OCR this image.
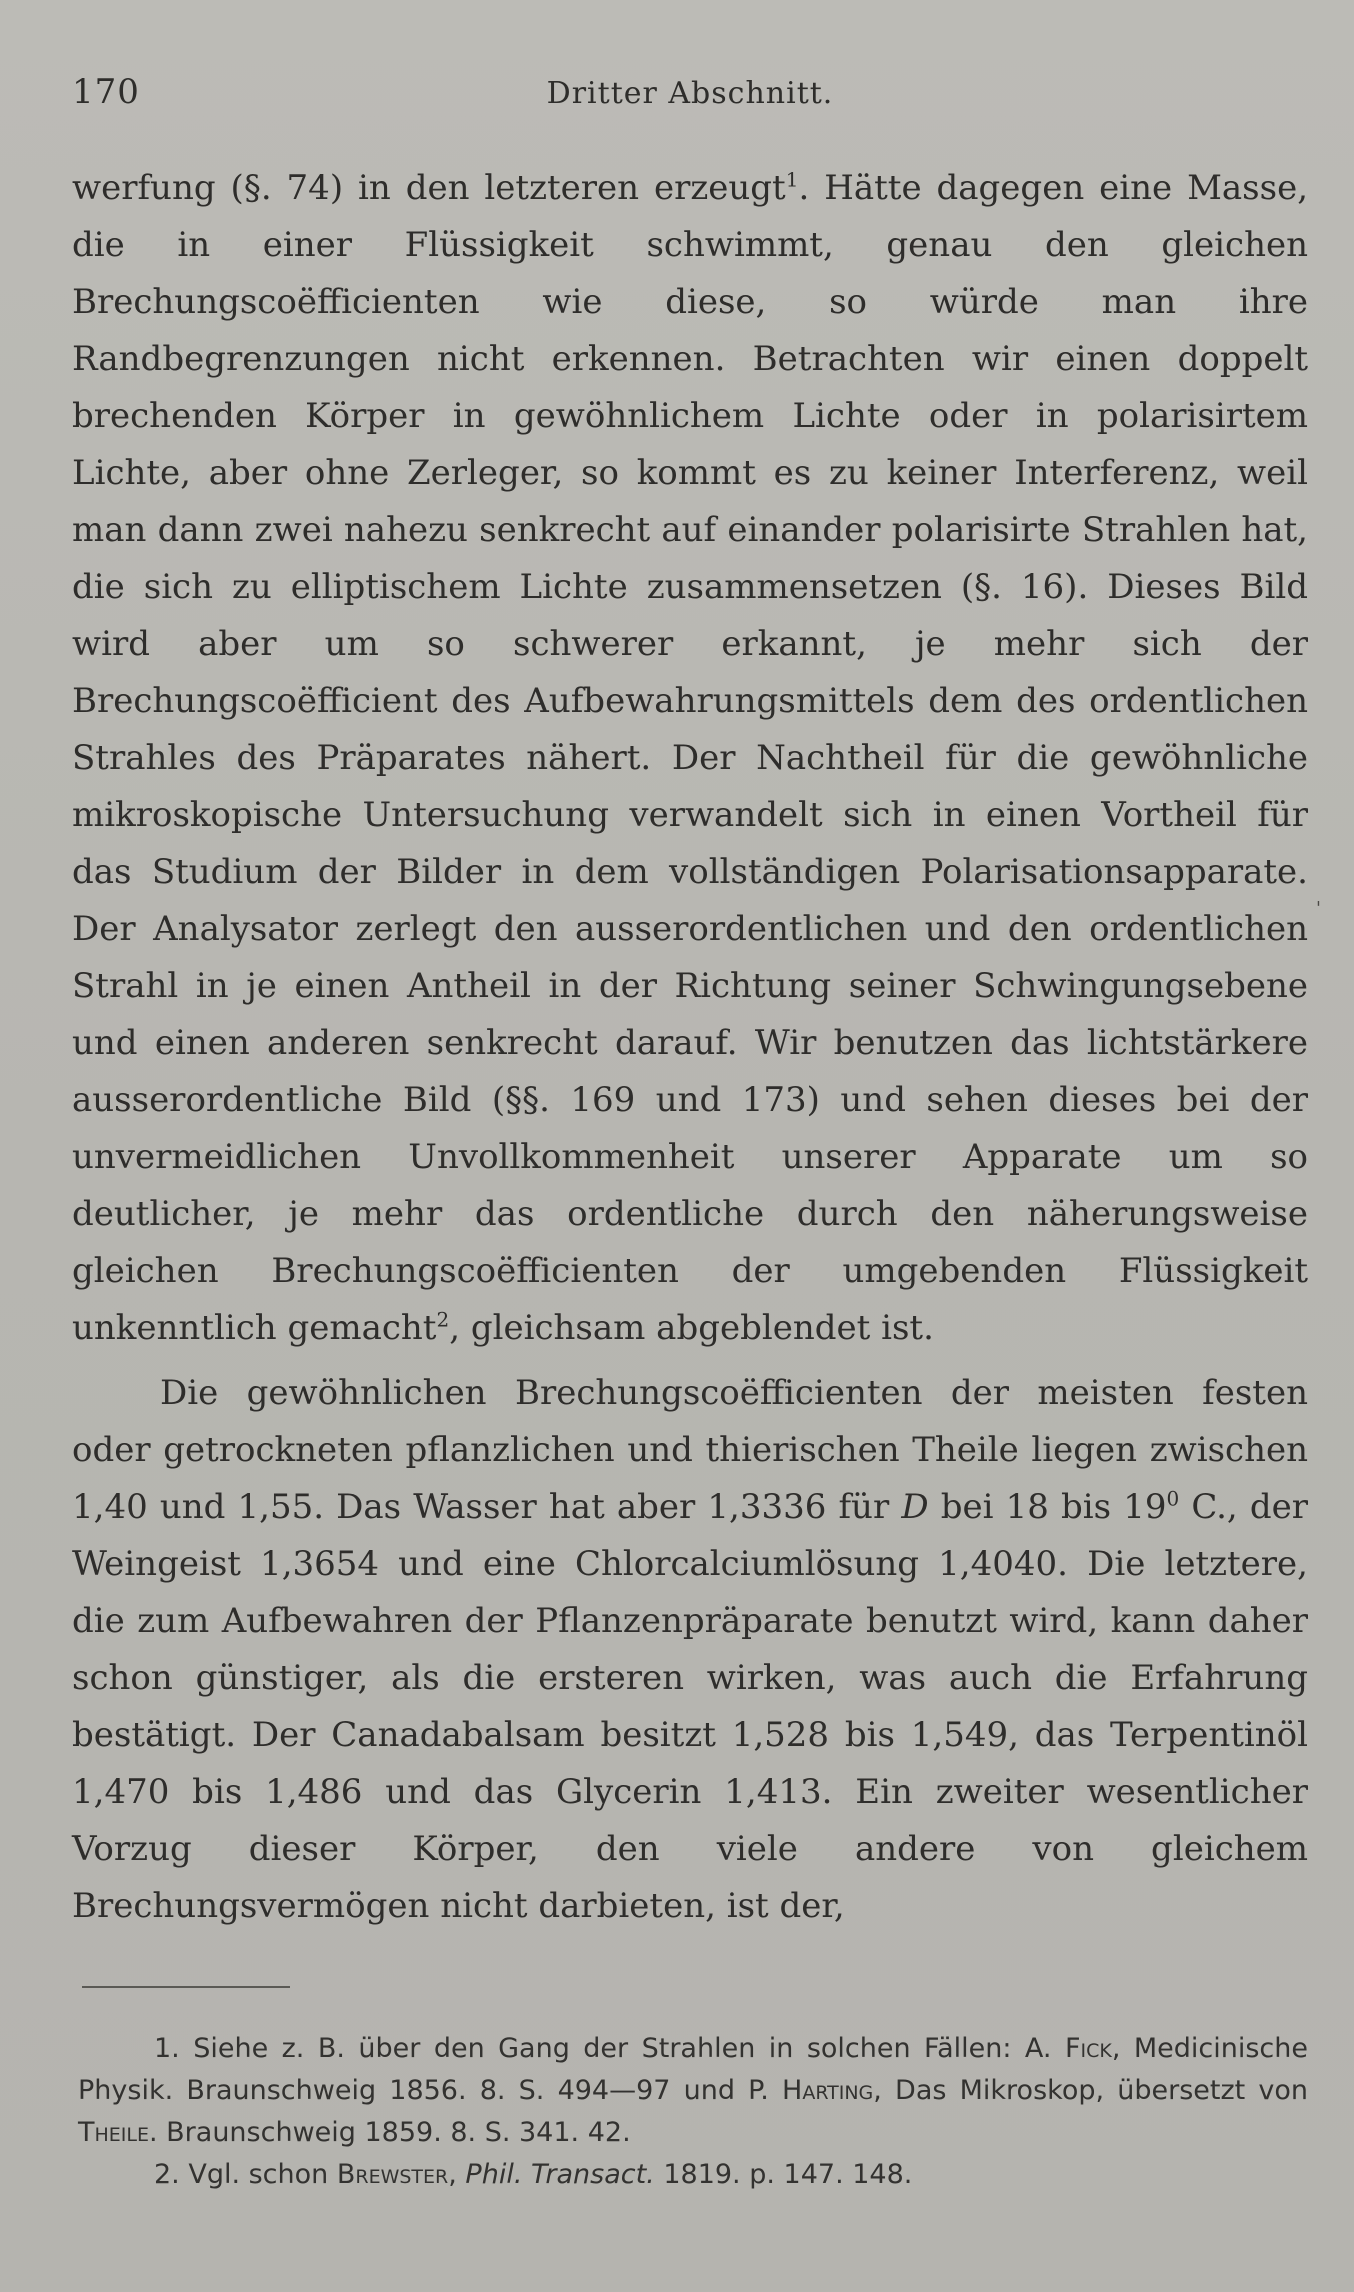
170	Dritter Abschnitt.

werfung (§. 74) in den letzteren erzeugt$^1$. Hätte dagegen eine Masse, die in einer Flüssigkeit schwimmt, genau den gleichen Brechungscoëfficienten wie diese, so würde man ihre Randbegrenzungen nicht erkennen. Betrachten wir einen doppelt brechenden Körper in gewöhnlichem Lichte oder in polarisirtem Lichte, aber ohne Zerleger, so kommt es zu keiner Interferenz, weil man dann zwei nahezu senkrecht auf einander polarisirte Strahlen hat, die sich zu elliptischem Lichte zusammensetzen (§. 16). Dieses Bild wird aber um so schwerer erkannt, je mehr sich der Brechungscoëfficient des Aufbewahrungsmittels dem des ordentlichen Strahles des Präparates nähert. Der Nachtheil für die gewöhnliche mikroskopische Untersuchung verwandelt sich in einen Vortheil für das Studium der Bilder in dem vollständigen Polarisationsapparate. Der Analysator zerlegt den ausserordentlichen und den ordentlichen Strahl in je einen Antheil in der Richtung seiner Schwingungsebene und einen anderen senkrecht darauf. Wir benutzen das lichtstärkere ausserordentliche Bild (§§. 169 und 173) und sehen dieses bei der unvermeidlichen Unvollkommenheit unserer Apparate um so deutlicher, je mehr das ordentliche durch den näherungsweise gleichen Brechungscoëfficienten der umgebenden Flüssigkeit unkenntlich gemacht$^2$, gleichsam abgeblendet ist.

Die gewöhnlichen Brechungscoëfficienten der meisten festen oder getrockneten pflanzlichen und thierischen Theile liegen zwischen 1,40 und 1,55. Das Wasser hat aber 1,3336 für D bei 18 bis $19^0$ C., der Weingeist 1,3654 und eine Chlorcalciumlösung 1,4040. Die letztere, die zum Aufbewahren der Pflanzenpräparate benutzt wird, kann daher schon günstiger, als die ersteren wirken, was auch die Erfahrung bestätigt. Der Canadabalsam besitzt 1,528 bis 1,549, das Terpentinöl 1,470 bis 1,486 und das Glycerin 1,413. Ein zweiter wesentlicher Vorzug dieser Körper, den viele andere von gleichem Brechungsvermögen nicht darbieten, ist der,

'

1. Siehe z. B. über den Gang der Strahlen in solchen Fällen: A. Fick, Medicinische Physik. Braunschweig 1856. 8. S. 494—97 und P. Harting, Das Mikroskop, übersetzt von Theile. Braunschweig 1859. 8. S. 341. 42.

2. Vgl. schon Brewster, Phil. Transact. 1819. p. 147. 148.
